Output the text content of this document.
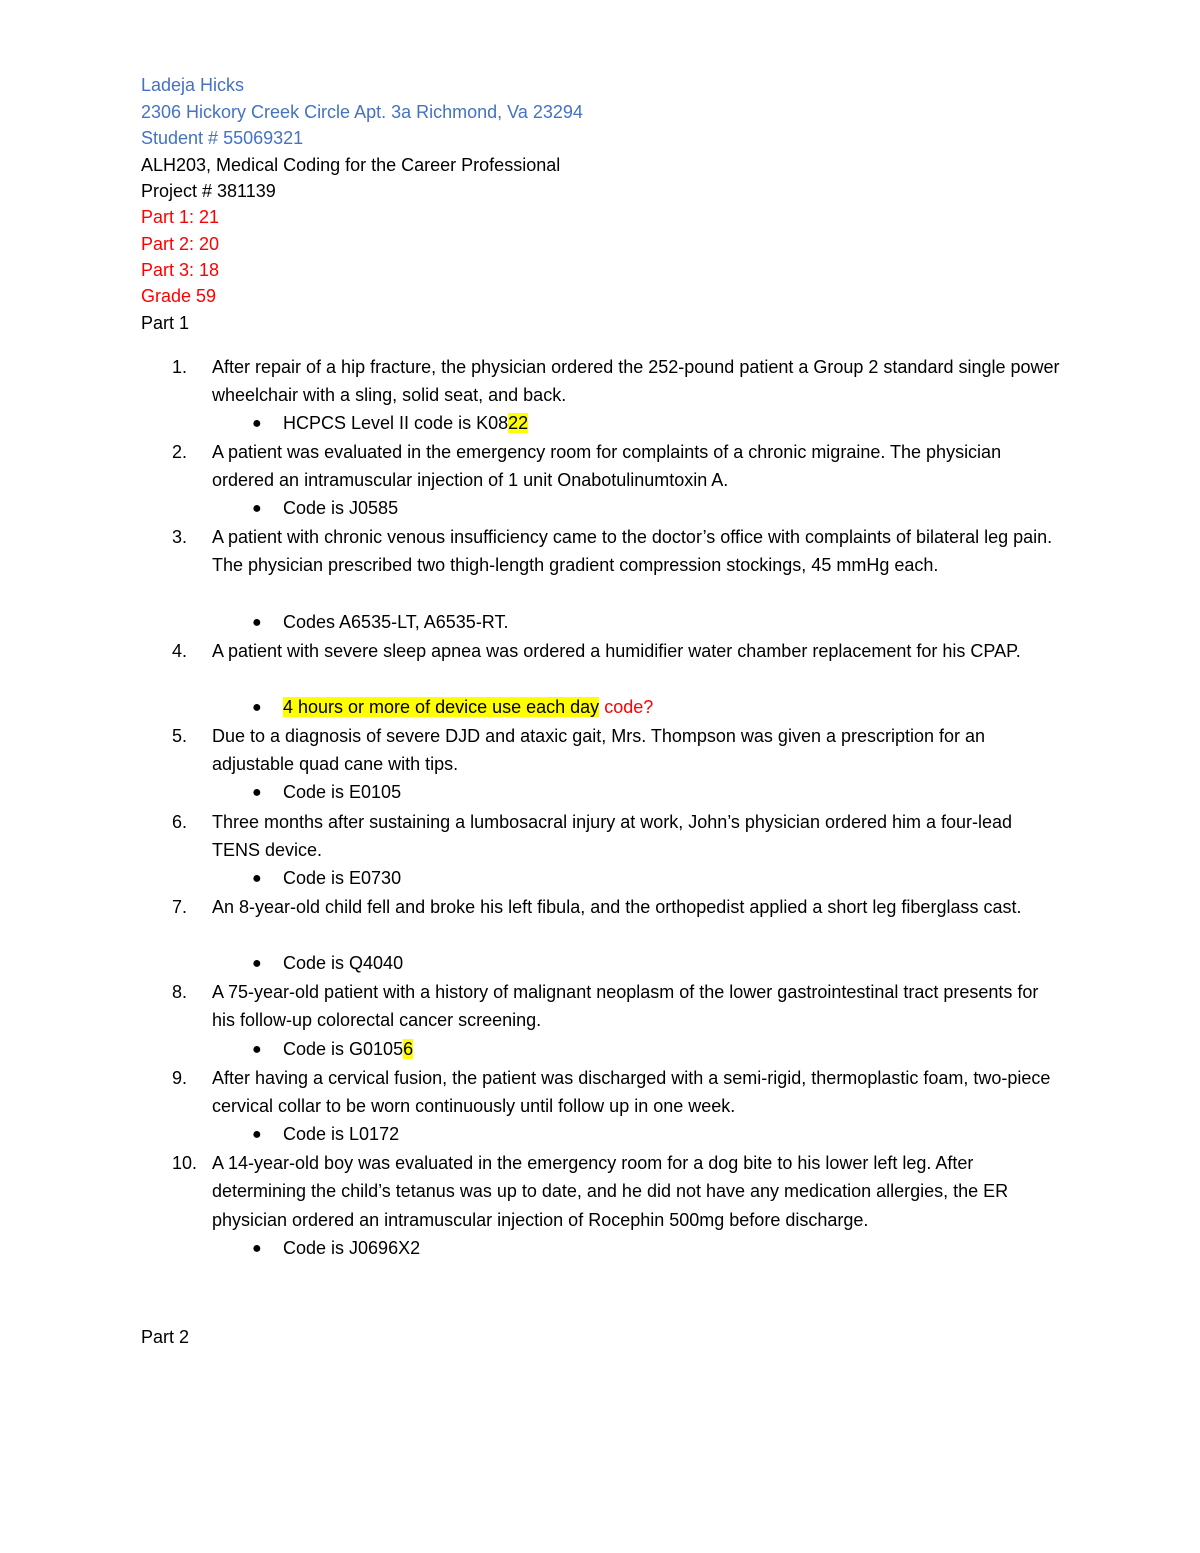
Ladeja Hicks
2306 Hickory Creek Circle Apt. 3a Richmond, Va 23294
Student # 55069321
ALH203, Medical Coding for the Career Professional
Project # 381139
Part 1: 21
Part 2: 20
Part 3: 18
Grade 59
Part 1
1. After repair of a hip fracture, the physician ordered the 252-pound patient a Group 2 standard single power wheelchair with a sling, solid seat, and back.
● HCPCS Level II code is K0822
2. A patient was evaluated in the emergency room for complaints of a chronic migraine. The physician ordered an intramuscular injection of 1 unit Onabotulinumtoxin A.
● Code is J0585
3. A patient with chronic venous insufficiency came to the doctor’s office with complaints of bilateral leg pain. The physician prescribed two thigh-length gradient compression stockings, 45 mmHg each.
● Codes A6535-LT, A6535-RT.
4. A patient with severe sleep apnea was ordered a humidifier water chamber replacement for his CPAP.
● 4 hours or more of device use each day code?
5. Due to a diagnosis of severe DJD and ataxic gait, Mrs. Thompson was given a prescription for an adjustable quad cane with tips.
● Code is E0105
6. Three months after sustaining a lumbosacral injury at work, John’s physician ordered him a four-lead TENS device.
● Code is E0730
7. An 8-year-old child fell and broke his left fibula, and the orthopedist applied a short leg fiberglass cast.
● Code is Q4040
8. A 75-year-old patient with a history of malignant neoplasm of the lower gastrointestinal tract presents for his follow-up colorectal cancer screening.
● Code is G01056
9. After having a cervical fusion, the patient was discharged with a semi-rigid, thermoplastic foam, two-piece cervical collar to be worn continuously until follow up in one week.
● Code is L0172
10. A 14-year-old boy was evaluated in the emergency room for a dog bite to his lower left leg. After determining the child’s tetanus was up to date, and he did not have any medication allergies, the ER physician ordered an intramuscular injection of Rocephin 500mg before discharge.
● Code is J0696X2
Part 2
